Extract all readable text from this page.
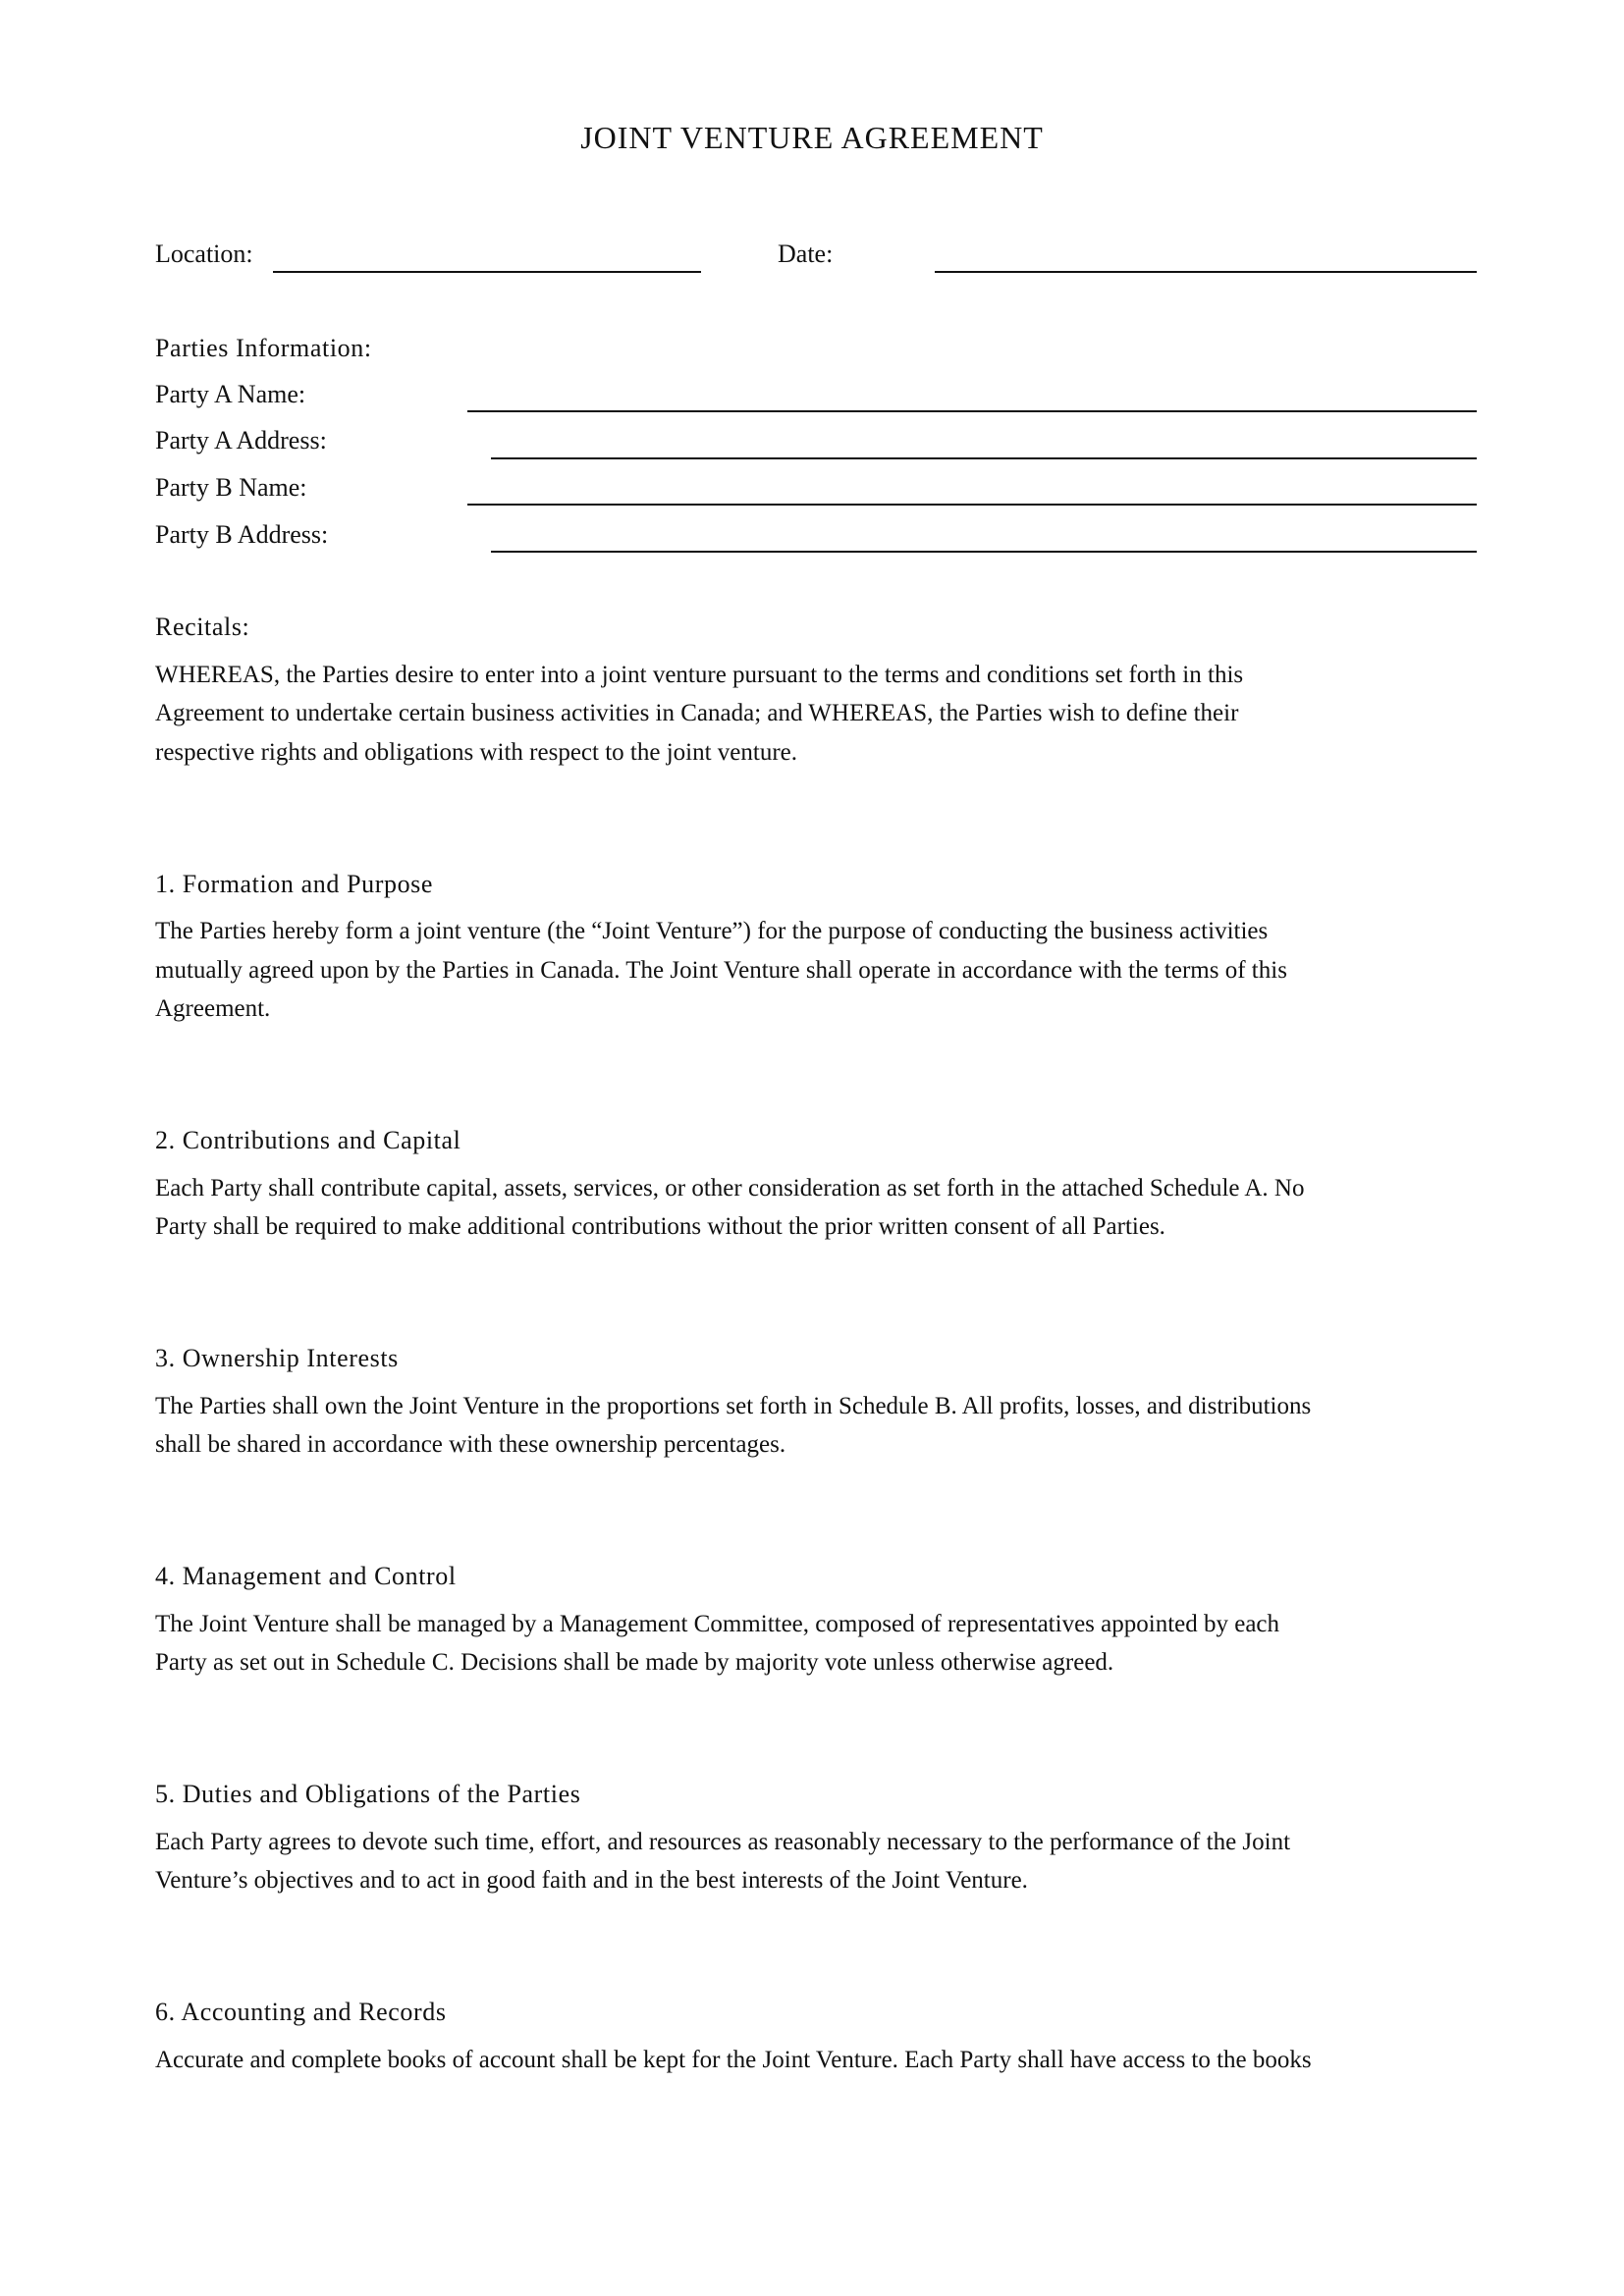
JOINT VENTURE AGREEMENT
Location:	Date:
Parties Information:
Party A Name:
Party A Address:
Party B Name:
Party B Address:
Recitals:
WHEREAS, the Parties desire to enter into a joint venture pursuant to the terms and conditions set forth in this
Agreement to undertake certain business activities in Canada; and WHEREAS, the Parties wish to define their
respective rights and obligations with respect to the joint venture.
1. Formation and Purpose
The Parties hereby form a joint venture (the “Joint Venture”) for the purpose of conducting the business activities
mutually agreed upon by the Parties in Canada. The Joint Venture shall operate in accordance with the terms of this
Agreement.
2. Contributions and Capital
Each Party shall contribute capital, assets, services, or other consideration as set forth in the attached Schedule A. No
Party shall be required to make additional contributions without the prior written consent of all Parties.
3. Ownership Interests
The Parties shall own the Joint Venture in the proportions set forth in Schedule B. All profits, losses, and distributions
shall be shared in accordance with these ownership percentages.
4. Management and Control
The Joint Venture shall be managed by a Management Committee, composed of representatives appointed by each
Party as set out in Schedule C. Decisions shall be made by majority vote unless otherwise agreed.
5. Duties and Obligations of the Parties
Each Party agrees to devote such time, effort, and resources as reasonably necessary to the performance of the Joint
Venture’s objectives and to act in good faith and in the best interests of the Joint Venture.
6. Accounting and Records
Accurate and complete books of account shall be kept for the Joint Venture. Each Party shall have access to the books
